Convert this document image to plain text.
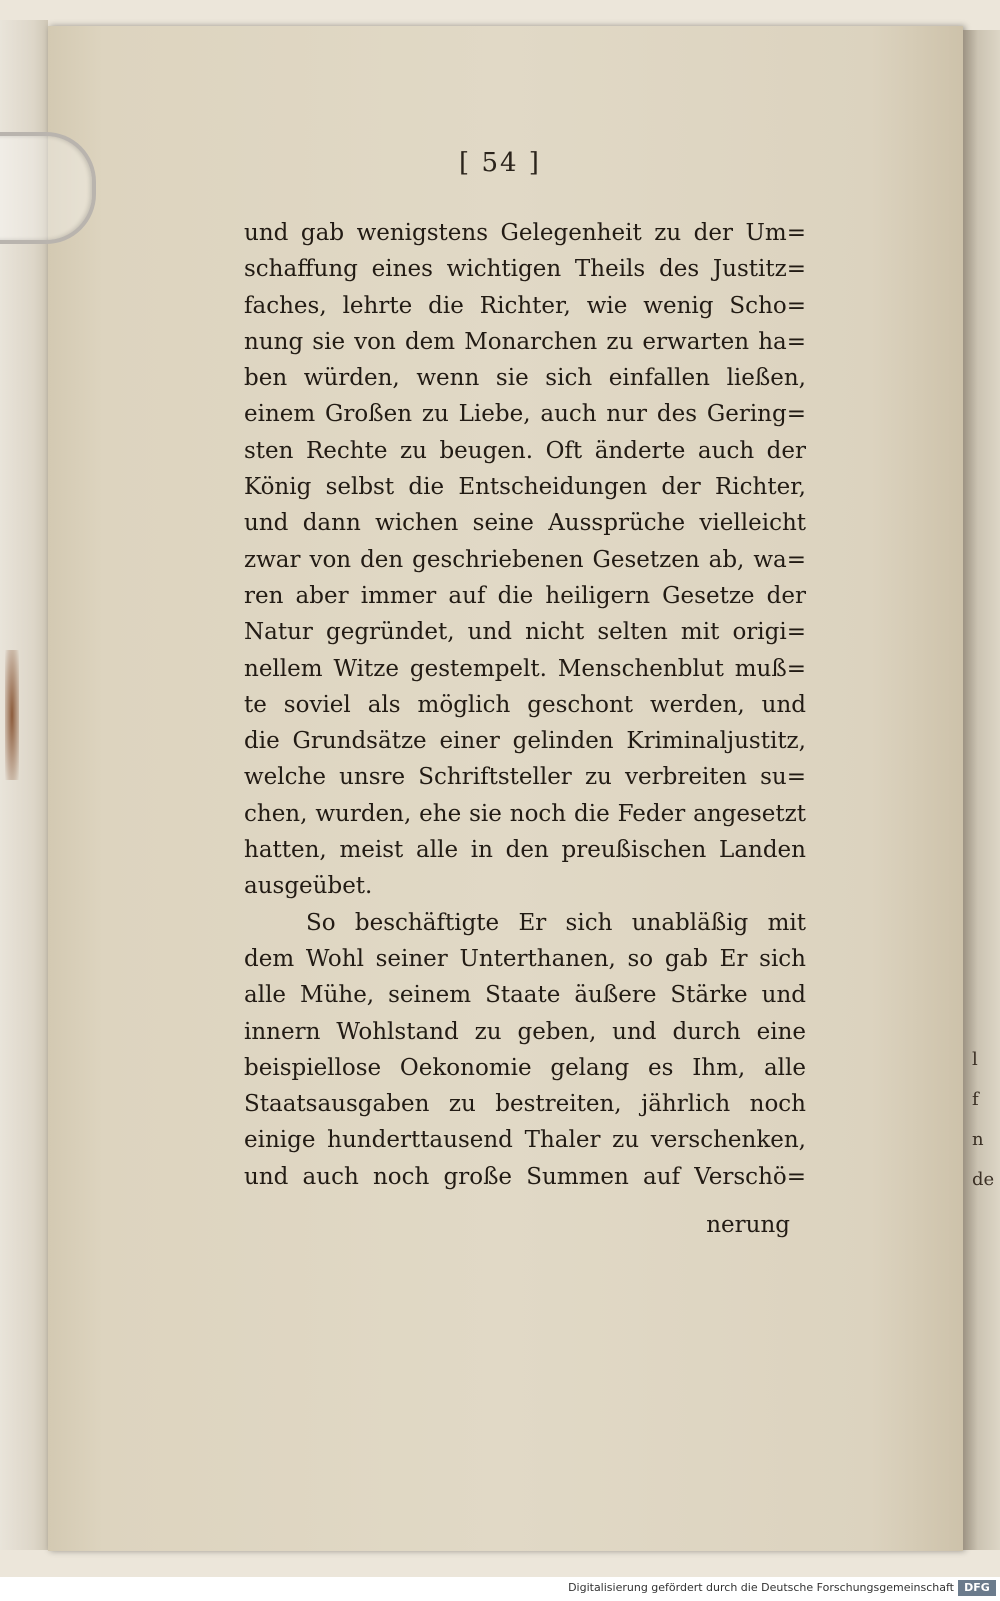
l
f
n
de
[ 54 ]
und gab wenigstens Gelegenheit zu der Um=
schaffung eines wichtigen Theils des Justitz=
faches, lehrte die Richter, wie wenig Scho=
nung sie von dem Monarchen zu erwarten ha=
ben würden, wenn sie sich einfallen ließen,
einem Großen zu Liebe, auch nur des Gering=
sten Rechte zu beugen. Oft änderte auch der
König selbst die Entscheidungen der Richter,
und dann wichen seine Aussprüche vielleicht
zwar von den geschriebenen Gesetzen ab, wa=
ren aber immer auf die heiligern Gesetze der
Natur gegründet, und nicht selten mit origi=
nellem Witze gestempelt. Menschenblut muß=
te soviel als möglich geschont werden, und
die Grundsätze einer gelinden Kriminaljustitz,
welche unsre Schriftsteller zu verbreiten su=
chen, wurden, ehe sie noch die Feder angesetzt
hatten, meist alle in den preußischen Landen
ausgeübet.
So beschäftigte Er sich unabläßig mit
dem Wohl seiner Unterthanen, so gab Er sich
alle Mühe, seinem Staate äußere Stärke und
innern Wohlstand zu geben, und durch eine
beispiellose Oekonomie gelang es Ihm, alle
Staatsausgaben zu bestreiten, jährlich noch
einige hunderttausend Thaler zu verschenken,
und auch noch große Summen auf Verschö=
nerung
Digitalisierung gefördert durch die Deutsche Forschungsgemeinschaft DFG
